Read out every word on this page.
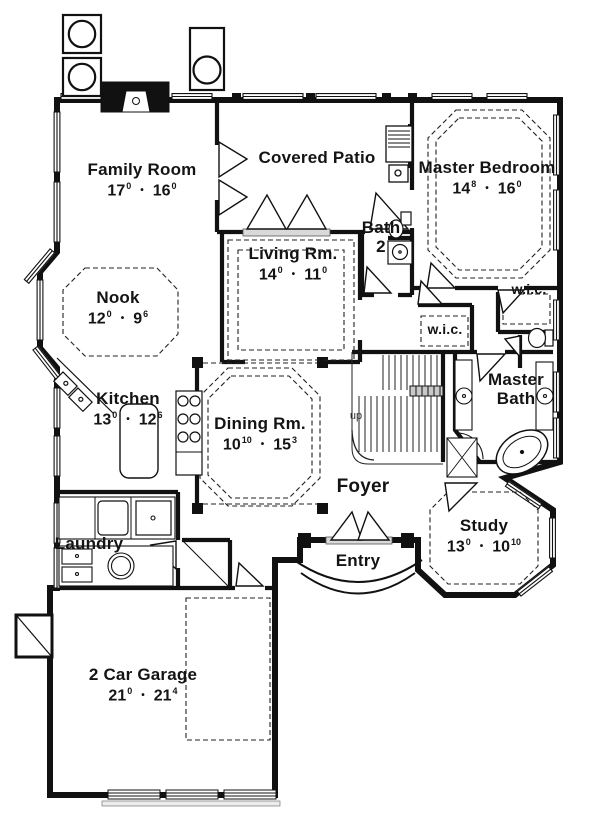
Family Room
$17^0$ • $16^0$
Covered Patio
Master Bedroom
$14^8$ • $16^0$
Living Rm.
$14^0$ • $11^0$
Bath
2
Nook
$12^0$ • $9^6$
w.i.c.
w.i.c.
Master
Bath
Kitchen
$13^0$ • $12^6$	Dining Rm.
$10^{10}$ • $15^3$
up
Foyer
Study
$13^0$ • $10^{10}$
Entry
Laundry
2 Car Garage
$21^0$ • $21^4$
